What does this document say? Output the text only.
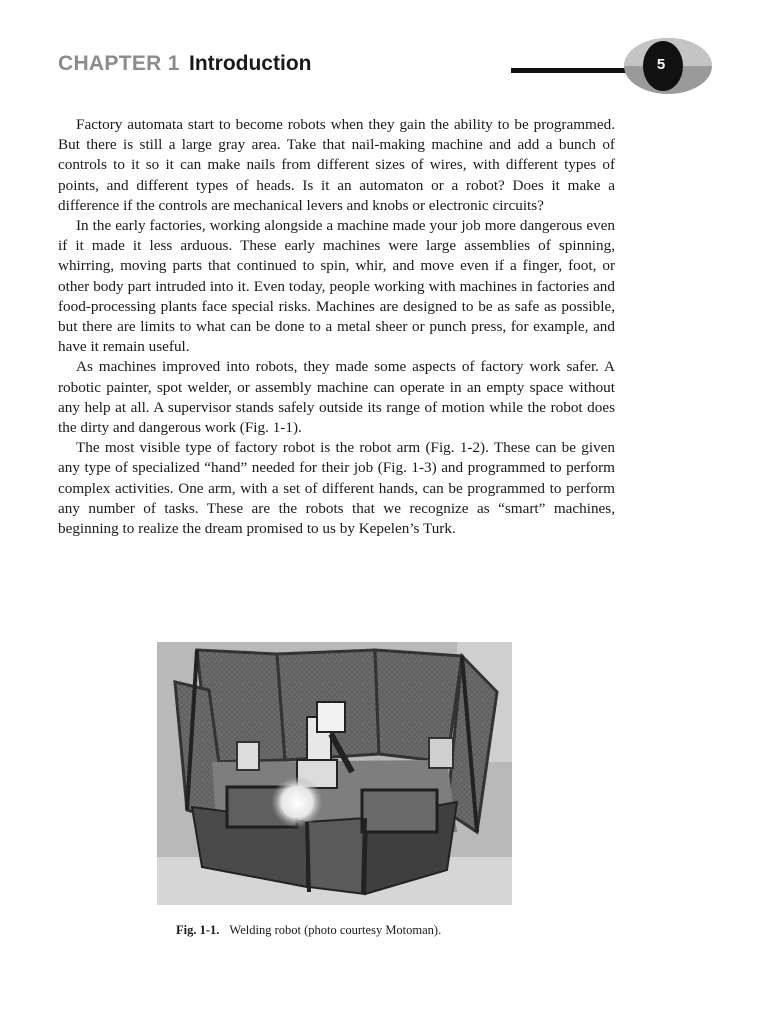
CHAPTER 1 Introduction	5

Factory automata start to become robots when they gain the ability to be programmed. But there is still a large gray area. Take that nail-making machine and add a bunch of controls to it so it can make nails from different sizes of wires, with different types of points, and different types of heads. Is it an automaton or a robot? Does it make a difference if the controls are mechanical levers and knobs or electronic circuits?

In the early factories, working alongside a machine made your job more dangerous even if it made it less arduous. These early machines were large assemblies of spinning, whirring, moving parts that continued to spin, whir, and move even if a finger, foot, or other body part intruded into it. Even today, people working with machines in factories and food-processing plants face special risks. Machines are designed to be as safe as possible, but there are limits to what can be done to a metal sheer or punch press, for example, and have it remain useful.

As machines improved into robots, they made some aspects of factory work safer. A robotic painter, spot welder, or assembly machine can operate in an empty space without any help at all. A supervisor stands safely outside its range of motion while the robot does the dirty and dangerous work (Fig. 1-1).

The most visible type of factory robot is the robot arm (Fig. 1-2). These can be given any type of specialized “hand” needed for their job (Fig. 1-3) and programmed to perform complex activities. One arm, with a set of different hands, can be programmed to perform any number of tasks. These are the robots that we recognize as “smart” machines, beginning to realize the dream promised to us by Kepelen’s Turk.

Fig. 1-1. Welding robot (photo courtesy Motoman).
